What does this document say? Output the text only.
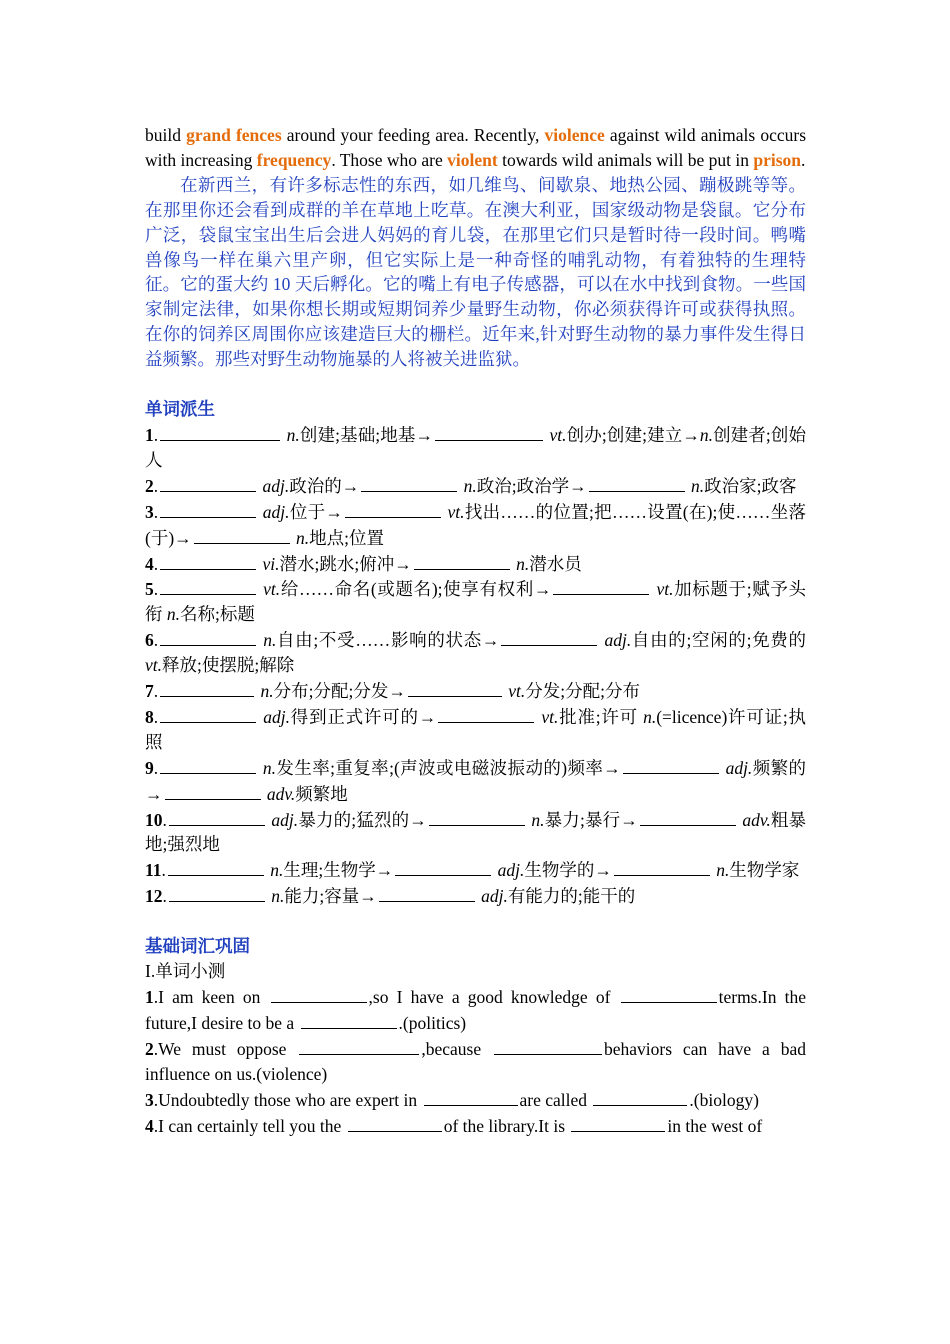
build grand fences around your feeding area. Recently, violence against wild animals occurs with increasing frequency. Those who are violent towards wild animals will be put in prison.

在新西兰，有许多标志性的东西，如几维鸟、间歇泉、地热公园、蹦极跳等等。在那里你还会看到成群的羊在草地上吃草。在澳大利亚，国家级动物是袋鼠。它分布广泛，袋鼠宝宝出生后会进人妈妈的育儿袋，在那里它们只是暂时待一段时间。鸭嘴兽像鸟一样在巢六里产卵，但它实际上是一种奇怪的哺乳动物，有着独特的生理特征。它的蛋大约 10 天后孵化。它的嘴上有电子传感器，可以在水中找到食物。一些国家制定法律，如果你想长期或短期饲养少量野生动物，你必须获得许可或获得执照。在你的饲养区周围你应该建造巨大的栅栏。近年来,针对野生动物的暴力事件发生得日益频繁。那些对野生动物施暴的人将被关进监狱。

单词派生

1.	n.创建;基础;地基→	vt.创办;创建;建立→n.创建者;创始人

2.	adj.政治的→	n.政治;政治学→	n.政治家;政客

3.	adj.位于→	vt.找出……的位置;把……设置(在);使……坐落(于)→	n.地点;位置

4.	vi.潜水;跳水;俯冲→	n.潜水员

5.	vt.给……命名(或题名);使享有权利→	vt.加标题于;赋予头衔 n.名称;标题

6.	n.自由;不受……影响的状态→	adj.自由的;空闲的;免费的 vt.释放;使摆脱;解除

7.	n.分布;分配;分发→	vt.分发;分配;分布

8.	adj.得到正式许可的→	vt.批准;许可 n.(=licence)许可证;执照

9.	n.发生率;重复率;(声波或电磁波振动的)频率→	adj.频繁的→	adv.频繁地

10.	adj.暴力的;猛烈的→	n.暴力;暴行→	adv.粗暴地;强烈地

11.	n.生理;生物学→	adj.生物学的→	n.生物学家

12.	n.能力;容量→	adj.有能力的;能干的

基础词汇巩固

I.单词小测

1.I am keen on	,so I have a good knowledge of	terms.In the future,I desire to be a	.(politics)

2.We must oppose	,because	behaviors can have a bad influence on us.(violence)

3.Undoubtedly those who are expert in	are called	.(biology)

4.I can certainly tell you the	of the library.It is	in the west of
